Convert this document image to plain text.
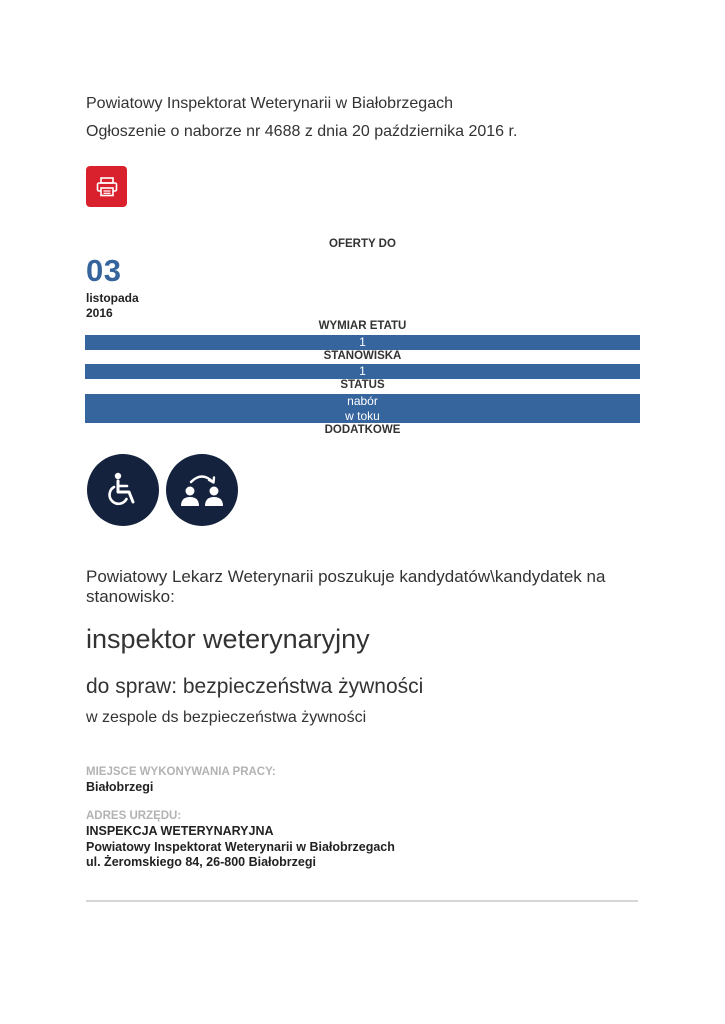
Powiatowy Inspektorat Weterynarii w Białobrzegach
Ogłoszenie o naborze nr 4688 z dnia 20 października 2016 r.
OFERTY DO
03
listopada
2016
WYMIAR ETATU
1
STANOWISKA
1
STATUS
nabór
w toku
DODATKOWE
Powiatowy Lekarz Weterynarii poszukuje kandydatów\kandydatek na stanowisko:
inspektor weterynaryjny
do spraw: bezpieczeństwa żywności
w zespole ds bezpieczeństwa żywności
MIEJSCE WYKONYWANIA PRACY:
Białobrzegi
ADRES URZĘDU:
INSPEKCJA WETERYNARYJNA
Powiatowy Inspektorat Weterynarii w Białobrzegach
ul. Żeromskiego 84, 26-800 Białobrzegi
